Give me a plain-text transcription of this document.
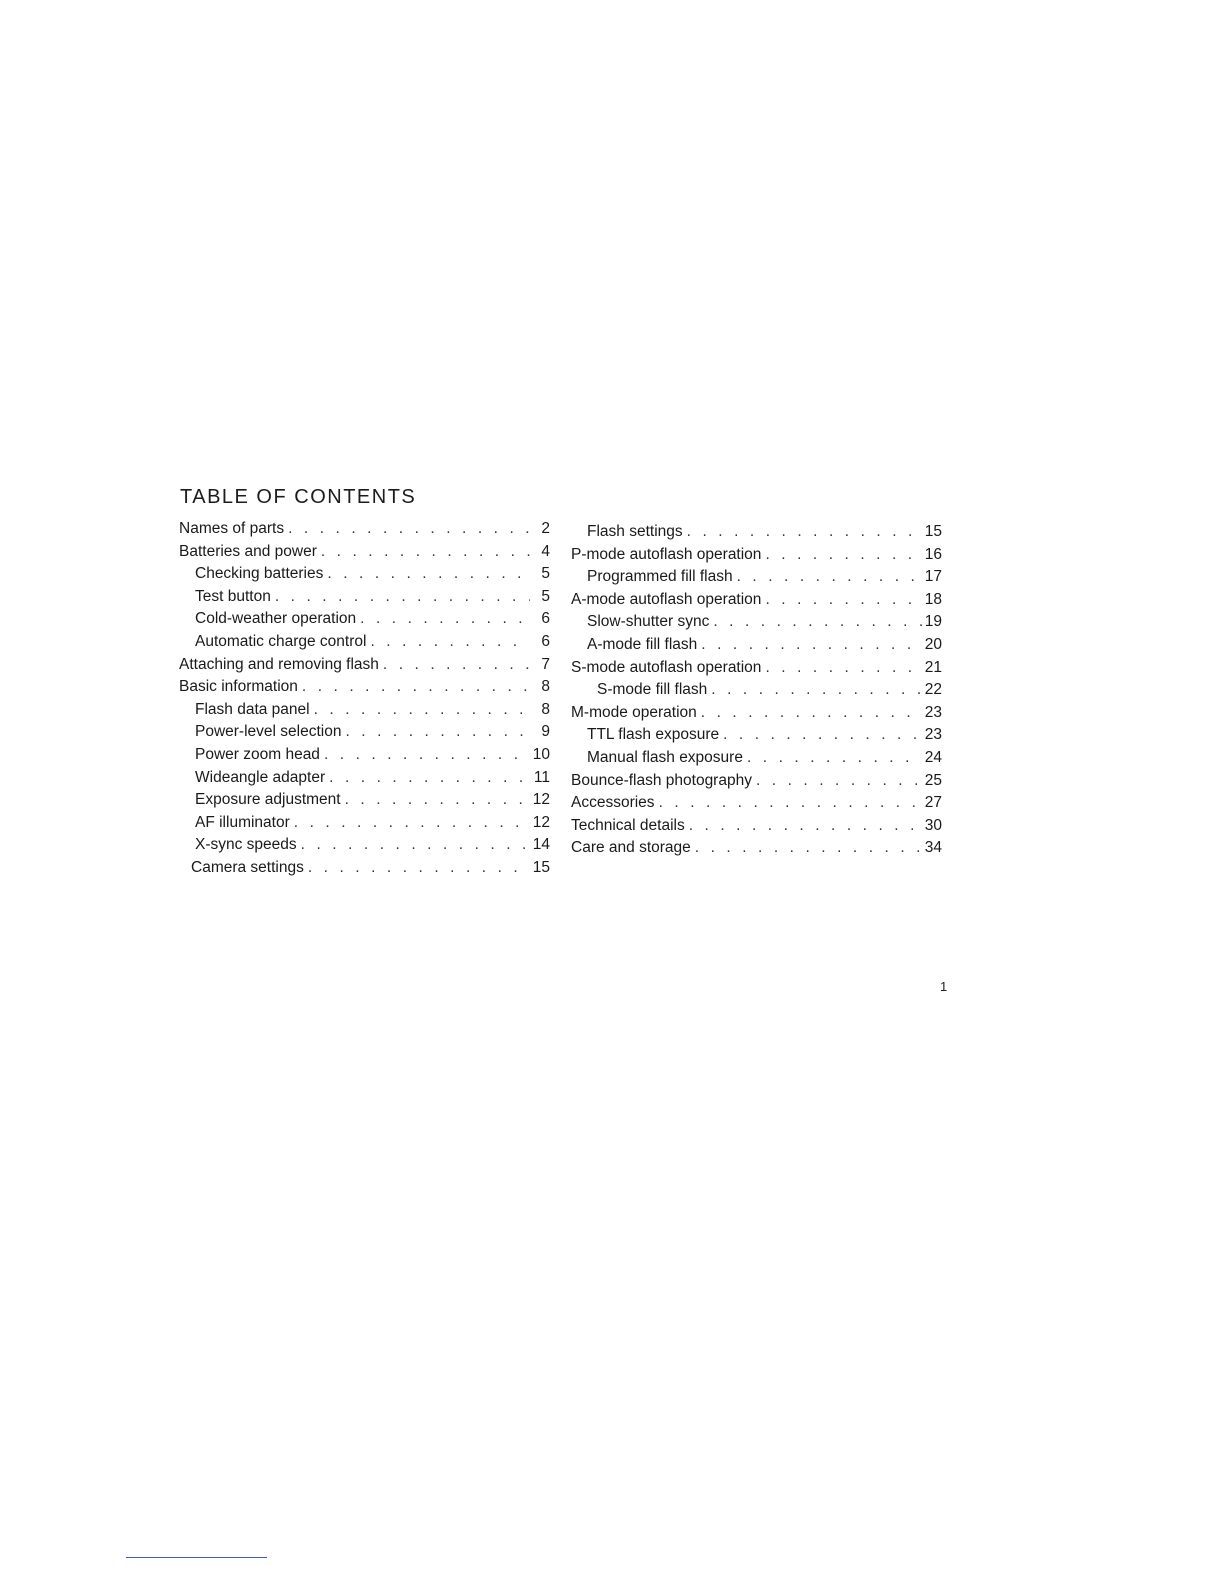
TABLE OF CONTENTS
Names of parts . . .	2
Batteries and power . . .	4
Checking batteries . . .	5
Test button . . .	5
Cold-weather operation . . .	6
Automatic charge control . . .	6
Attaching and removing flash . . .	7
Basic information . . .	8
Flash data panel . . .	8
Power-level selection . . .	9
Power zoom head . . .	10
Wideangle adapter . . .	11
Exposure adjustment . . .	12
AF illuminator . . .	12
X-sync speeds . . .	14
Camera settings . . .	15
Flash settings . . .	15
P-mode autoflash operation . . .	16
Programmed fill flash . . .	17
A-mode autoflash operation . . .	18
Slow-shutter sync . . .	19
A-mode fill flash . . .	20
S-mode autoflash operation . . .	21
S-mode fill flash . . .	22
M-mode operation . . .	23
TTL flash exposure . . .	23
Manual flash exposure . . .	24
Bounce-flash photography . . .	25
Accessories . . .	27
Technical details . . .	30
Care and storage . . .	34
1
